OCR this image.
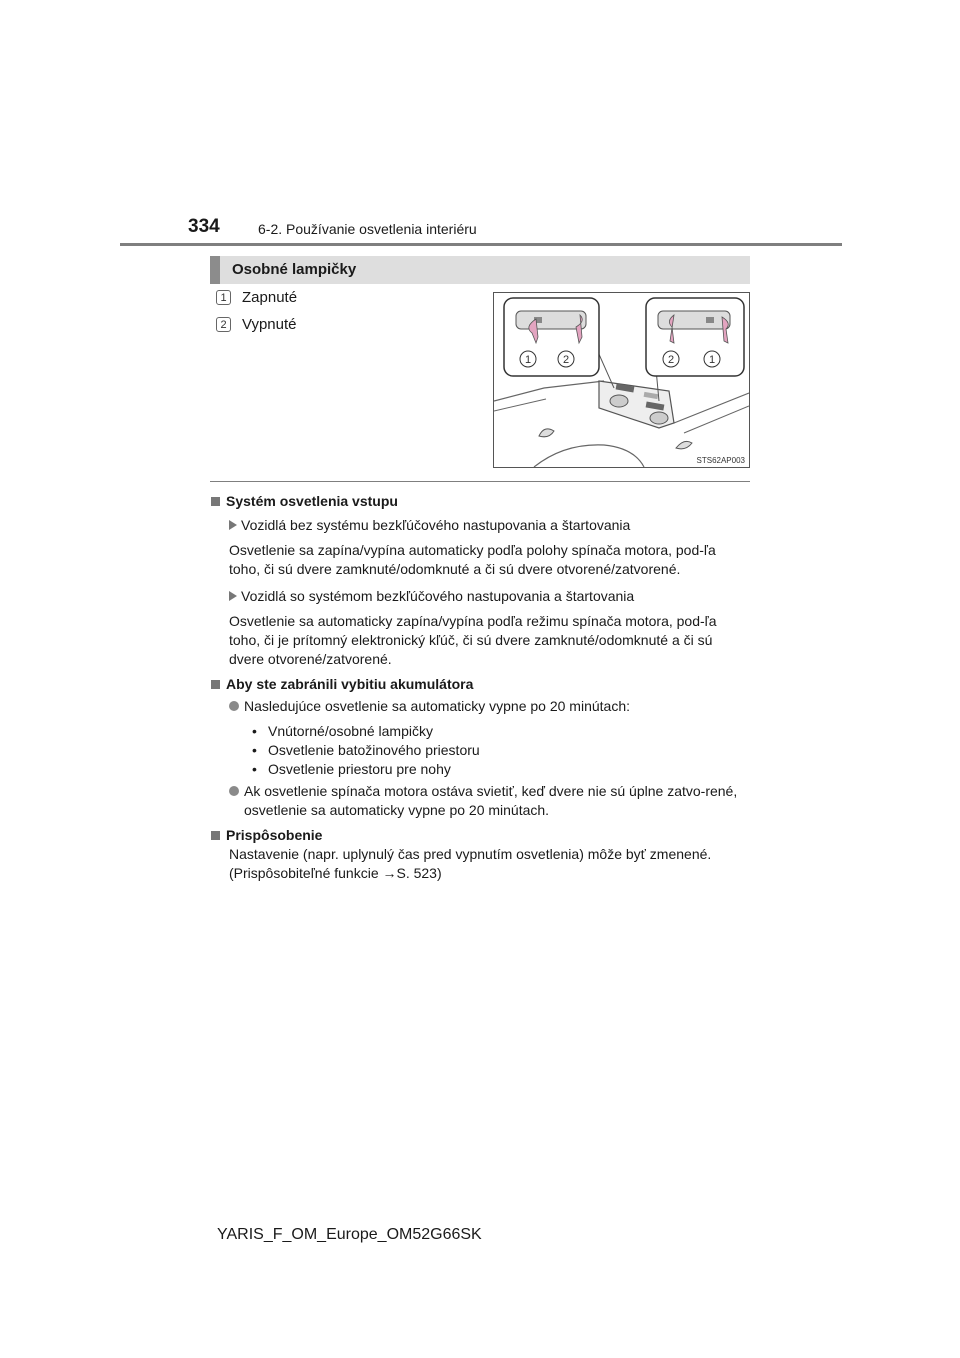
334	6-2. Používanie osvetlenia interiéru
Osobné lampičky
1 Zapnuté
2 Vypnuté
1	2	2	1
STS62AP003
Systém osvetlenia vstupu
Vozidlá bez systému bezkľúčového nastupovania a štartovania
Osvetlenie sa zapína/vypína automaticky podľa polohy spínača motora, pod-ľa toho, či sú dvere zamknuté/odomknuté a či sú dvere otvorené/zatvorené.
Vozidlá so systémom bezkľúčového nastupovania a štartovania
Osvetlenie sa automaticky zapína/vypína podľa režimu spínača motora, pod-ľa toho, či je prítomný elektronický kľúč, či sú dvere zamknuté/odomknuté a či sú dvere otvorené/zatvorené.
Aby ste zabránili vybitiu akumulátora
Nasledujúce osvetlenie sa automaticky vypne po 20 minútach:
• Vnútorné/osobné lampičky
• Osvetlenie batožinového priestoru
• Osvetlenie priestoru pre nohy
Ak osvetlenie spínača motora ostáva svietiť, keď dvere nie sú úplne zatvo-rené, osvetlenie sa automaticky vypne po 20 minútach.
Prispôsobenie
Nastavenie (napr. uplynulý čas pred vypnutím osvetlenia) môže byť zmenené. (Prispôsobiteľné funkcie →S. 523)
YARIS_F_OM_Europe_OM52G66SK
